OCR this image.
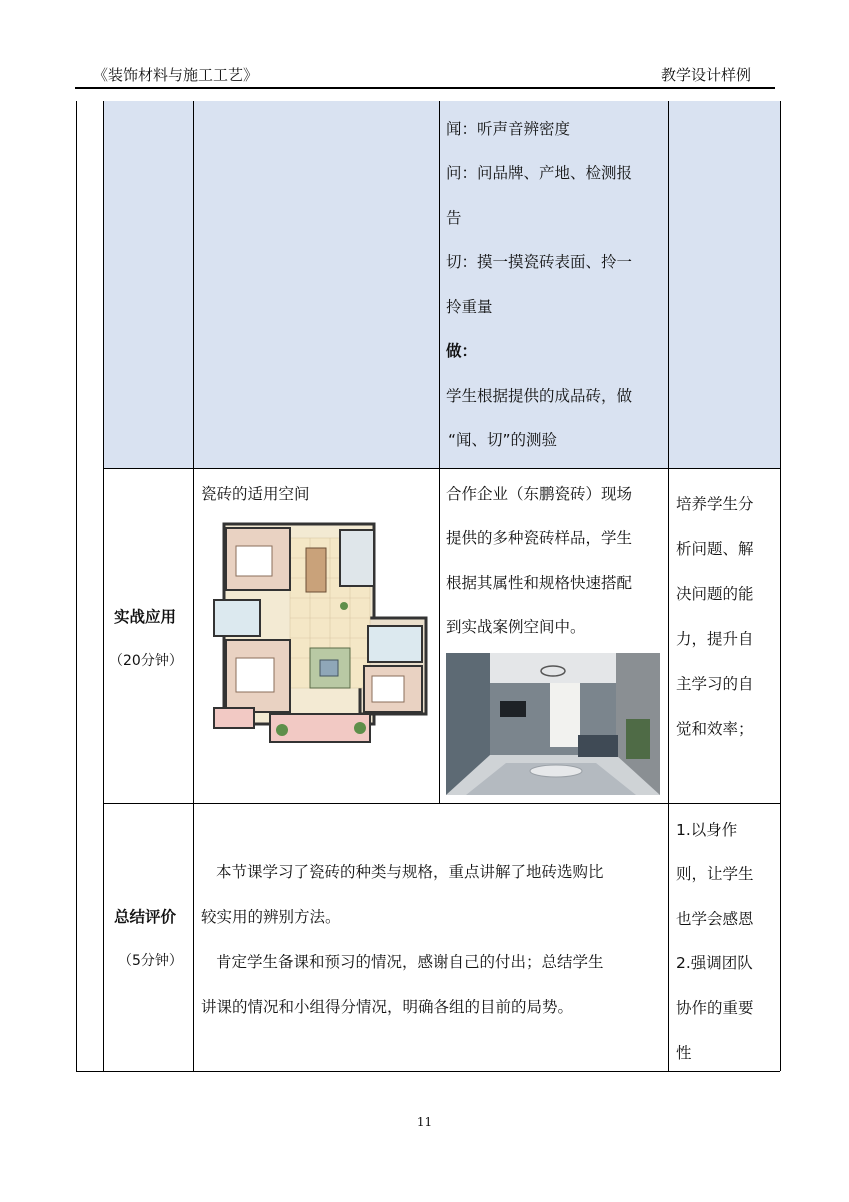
《装饰材料与施工工艺》	教学设计样例
闻：听声音辨密度
问：问品牌、产地、检测报
告
切：摸一摸瓷砖表面、拎一
拎重量
做：
学生根据提供的成品砖，做
“闻、切”的测验
实战应用
（20分钟）
瓷砖的适用空间	合作企业（东鹏瓷砖）现场
提供的多种瓷砖样品，学生
根据其属性和规格快速搭配
到实战案例空间中。
培养学生分
析问题、解
决问题的能
力，提升自
主学习的自
觉和效率；
总结评价
（5分钟）
本节课学习了瓷砖的种类与规格，重点讲解了地砖选购比
较实用的辨别方法。
肯定学生备课和预习的情况，感谢自己的付出；总结学生
讲课的情况和小组得分情况，明确各组的目前的局势。
1.以身作
则，让学生
也学会感恩
2.强调团队
协作的重要
性
11
